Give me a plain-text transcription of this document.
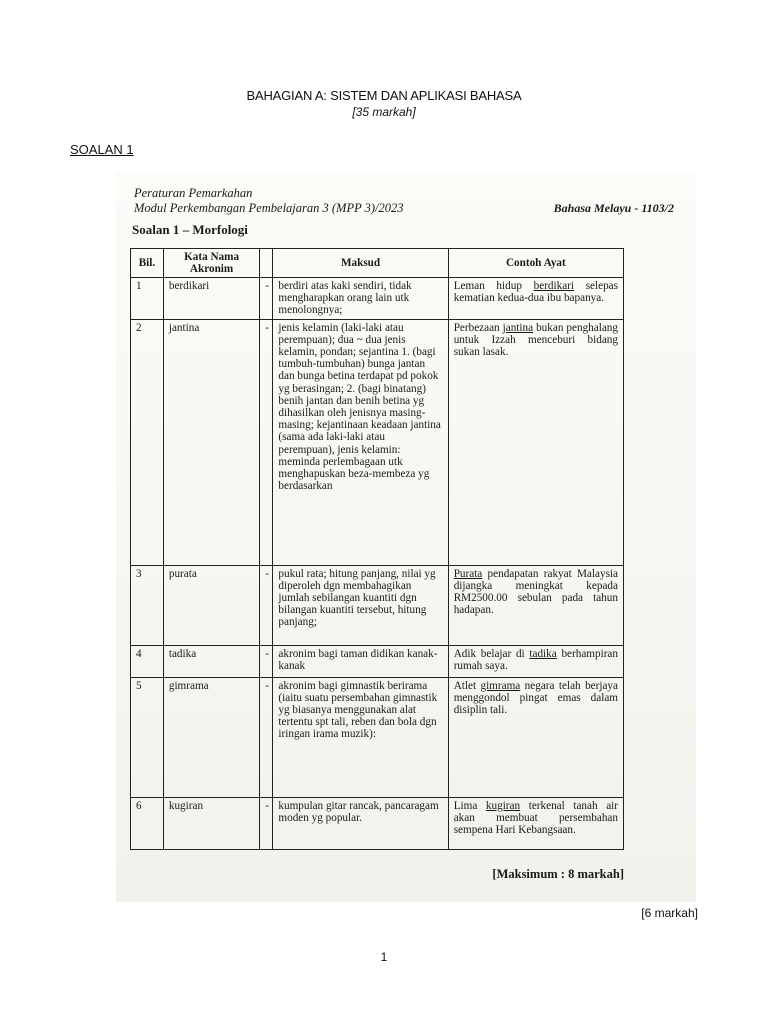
BAHAGIAN A: SISTEM DAN APLIKASI BAHASA
[35 markah]
SOALAN 1
Peraturan Pemarkahan
Modul Perkembangan Pembelajaran 3 (MPP 3)/2023	Bahasa Melayu - 1103/2
Soalan 1 – Morfologi
Bil.	Kata Nama Akronim		Maksud	Contoh Ayat
1	berdikari	-	berdiri atas kaki sendiri, tidak mengharapkan orang lain utk menolongnya;	Leman hidup berdikari selepas kematian kedua-dua ibu bapanya.
2	jantina	-	jenis kelamin (laki-laki atau perempuan); dua ~ dua jenis kelamin, pondan; sejantina 1. (bagi tumbuh-tumbuhan) bunga jantan dan bunga betina terdapat pd pokok yg berasingan; 2. (bagi binatang) benih jantan dan benih betina yg dihasilkan oleh jenisnya masing-masing; kejantinaan keadaan jantina (sama ada laki-laki atau perempuan), jenis kelamin: meminda perlembagaan utk menghapuskan beza-membeza yg berdasarkan	Perbezaan jantina bukan penghalang untuk Izzah menceburi bidang sukan lasak.
3	purata	-	pukul rata; hitung panjang, nilai yg diperoleh dgn membahagikan jumlah sebilangan kuantiti dgn bilangan kuantiti tersebut, hitung panjang;	Purata pendapatan rakyat Malaysia dijangka meningkat kepada RM2500.00 sebulan pada tahun hadapan.
4	tadika	-	akronim bagi taman didikan kanak-kanak	Adik belajar di tadika berhampiran rumah saya.
5	gimrama	-	akronim bagi gimnastik berirama (iaitu suatu persembahan gimnastik yg biasanya menggunakan alat tertentu spt tali, reben dan bola dgn iringan irama muzik):	Atlet gimrama negara telah berjaya menggondol pingat emas dalam disiplin tali.
6	kugiran	-	kumpulan gitar rancak, pancaragam moden yg popular.	Lima kugiran terkenal tanah air akan membuat persembahan sempena Hari Kebangsaan.
[Maksimum : 8 markah]
[6 markah]
1
